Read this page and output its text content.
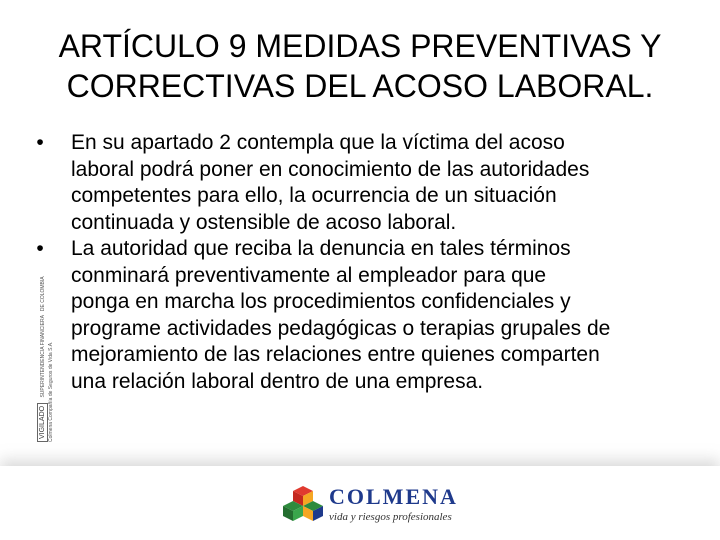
ARTÍCULO 9 MEDIDAS PREVENTIVAS Y
CORRECTIVAS DEL ACOSO LABORAL.
VIGILADO SUPERINTENDENCIA FINANCIERA   DE COLOMBIA
Colmena Compañía de Seguros de Vida S.A.
•	En su apartado 2 contempla que la víctima del acoso
laboral podrá poner en conocimiento de las autoridades
competentes para ello, la ocurrencia de un situación
continuada y ostensible de acoso laboral.
•	La autoridad que reciba la denuncia en tales términos
conminará preventivamente al empleador para que
ponga en marcha los procedimientos confidenciales y
programe actividades pedagógicas o terapias grupales de
mejoramiento de las relaciones entre quienes comparten
una relación laboral dentro de una empresa.
COLMENA
vida y riesgos profesionales
